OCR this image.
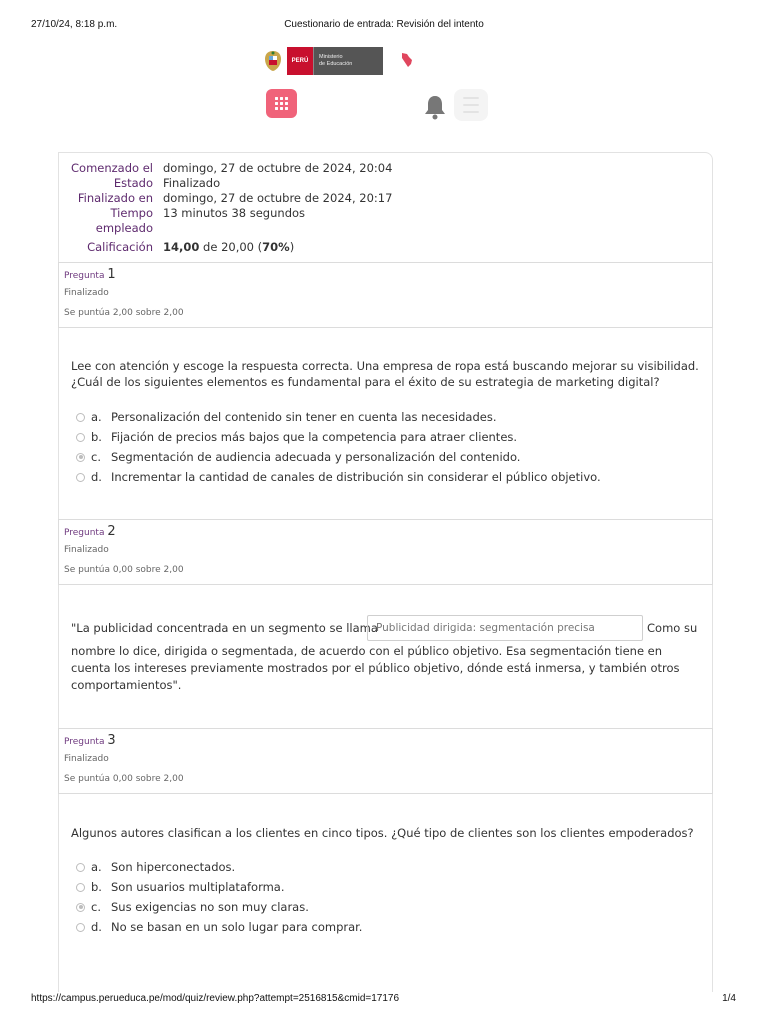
27/10/24, 8:18 p.m.	Cuestionario de entrada: Revisión del intento
PERÚ
Ministerio
de Educación
Comenzado el domingo, 27 de octubre de 2024, 20:04
Estado Finalizado
Finalizado en domingo, 27 de octubre de 2024, 20:17
Tiempo 13 minutos 38 segundos
empleado
Calificación 14,00 de 20,00 (70%)
Pregunta 1
Finalizado
Se puntúa 2,00 sobre 2,00
Lee con atención y escoge la respuesta correcta. Una empresa de ropa está buscando mejorar su visibilidad. ¿Cuál de los siguientes elementos es fundamental para el éxito de su estrategia de marketing digital?
a. Personalización del contenido sin tener en cuenta las necesidades.
b. Fijación de precios más bajos que la competencia para atraer clientes.
c. Segmentación de audiencia adecuada y personalización del contenido.
d. Incrementar la cantidad de canales de distribución sin considerar el público objetivo.
Pregunta 2
Finalizado
Se puntúa 0,00 sobre 2,00
"La publicidad concentrada en un segmento se llama
Publicidad dirigida: segmentación precisa	Como su
nombre lo dice, dirigida o segmentada, de acuerdo con el público objetivo. Esa segmentación tiene en cuenta los intereses previamente mostrados por el público objetivo, dónde está inmersa, y también otros comportamientos".
Pregunta 3
Finalizado
Se puntúa 0,00 sobre 2,00
Algunos autores clasifican a los clientes en cinco tipos. ¿Qué tipo de clientes son los clientes empoderados?
a. Son hiperconectados.
b. Son usuarios multiplataforma.
c. Sus exigencias no son muy claras.
d. No se basan en un solo lugar para comprar.
https://campus.perueduca.pe/mod/quiz/review.php?attempt=2516815&cmid=17176	1/4
